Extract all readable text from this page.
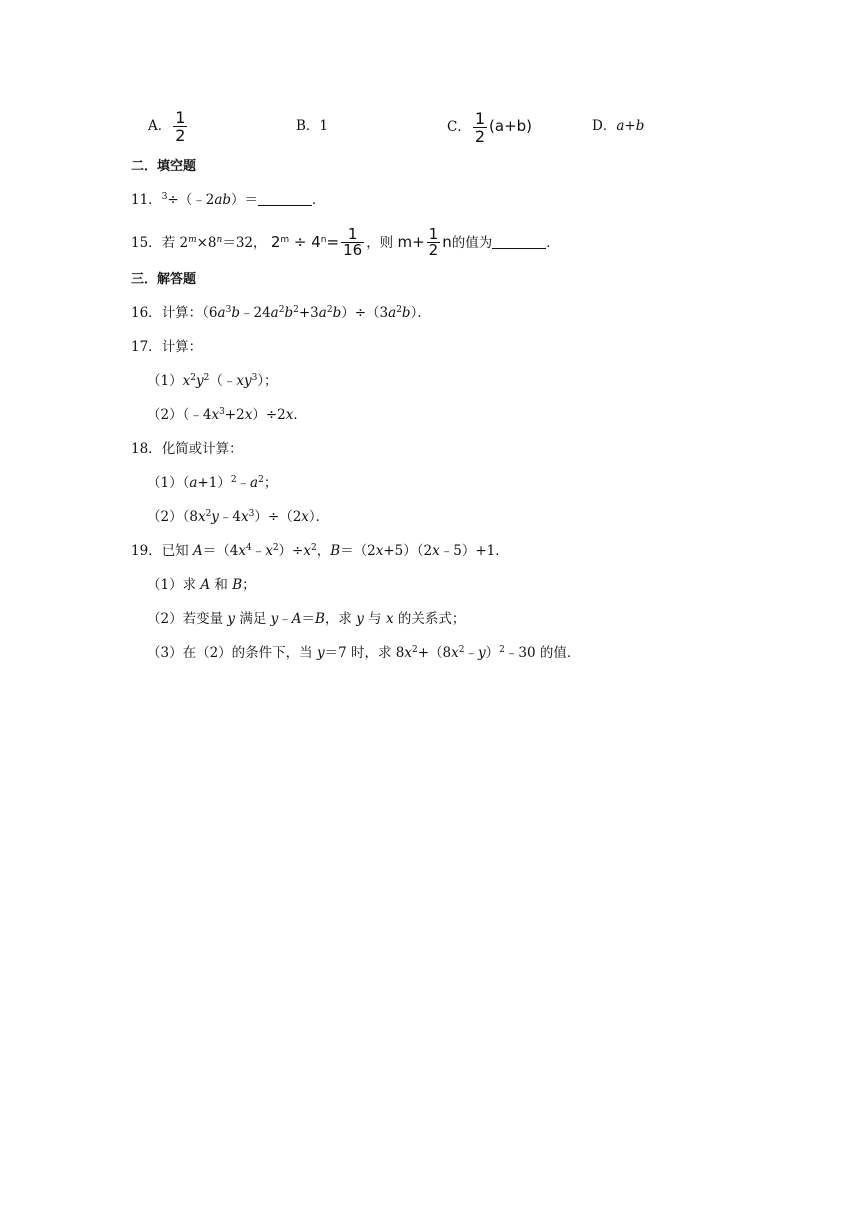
A． $\frac{1}{2}$	B．1	C． $\frac{1}{2} (a+b)$	D．a+b
二．填空题
11．$^3$÷（﹣2ab）＝	．
15．若 $2^m\times 8^n=32$， $2^m \div 4^n= \frac{1}{16}$ ，则 $m+ \frac{1}{2}$ n的值为	．
三．解答题
16．计算：$(6a^3b﹣24a^2b^2+3a^2b)\div(3a^2b)$．
17．计算：
$(1)x^2y^2(﹣xy^3)$；
$(2)(﹣4x^3+2x)\div 2x$．
18．化简或计算：
$(1)(a+1)^2﹣a^2$；
$(2)(8x^2y﹣4x^3)\div(2x)$．
19．已知 $A=(4x^4﹣x^2)\div x^2$，B＝（2x+5）（2x﹣5）+1．
（1）求 A 和 B；
（2）若变量 y 满足 y﹣A＝B，求 y 与 x 的关系式；
（3）在（2）的条件下，当 y＝7 时，求 $8x^2+(8x^2﹣y)^2﹣30$ 的值．
